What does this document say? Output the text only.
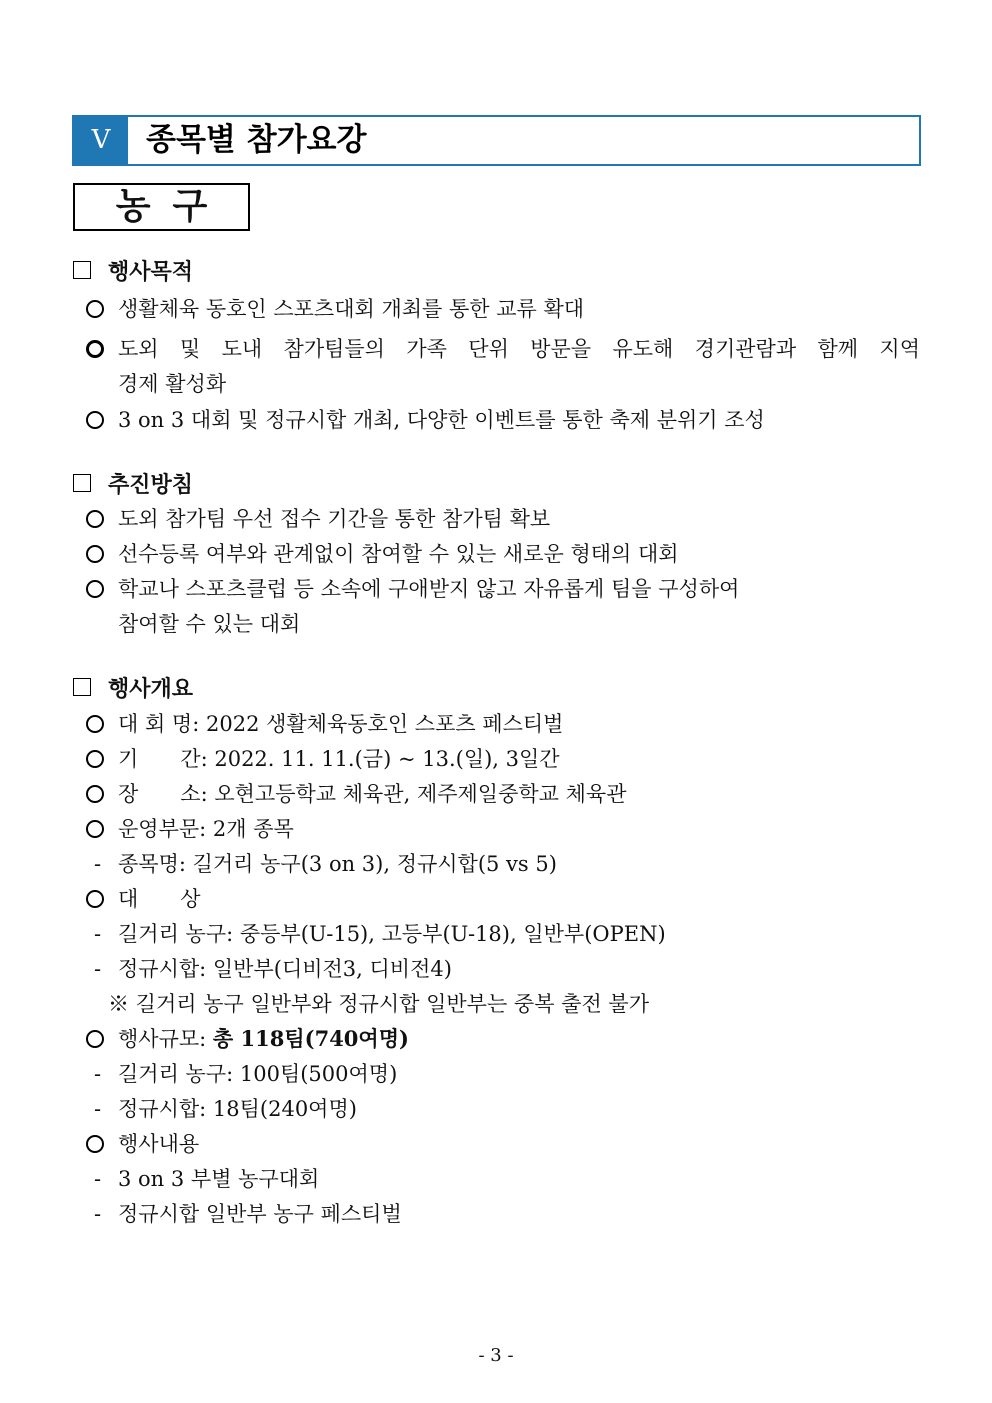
Ⅴ	종목별 참가요강
농구
행사목적
생활체육 동호인 스포츠대회 개최를 통한 교류 확대
도외 및 도내 참가팀들의 가족 단위 방문을 유도해 경기관람과 함께 지역
경제 활성화
3 on 3 대회 및 정규시합 개최, 다양한 이벤트를 통한 축제 분위기 조성
추진방침
도외 참가팀 우선 접수 기간을 통한 참가팀 확보
선수등록 여부와 관계없이 참여할 수 있는 새로운 형태의 대회
학교나 스포츠클럽 등 소속에 구애받지 않고 자유롭게 팀을 구성하여
참여할 수 있는 대회
행사개요
대 회 명: 2022 생활체육동호인 스포츠 페스티벌
기　　간: 2022. 11. 11.(금) ~ 13.(일), 3일간
장　　소: 오현고등학교 체육관, 제주제일중학교 체육관
운영부문: 2개 종목
- 종목명: 길거리 농구(3 on 3), 정규시합(5 vs 5)
대　　상
- 길거리 농구: 중등부(U-15), 고등부(U-18), 일반부(OPEN)
- 정규시합: 일반부(디비전3, 디비전4)
※ 길거리 농구 일반부와 정규시합 일반부는 중복 출전 불가
행사규모: 총 118팀(740여명)
- 길거리 농구: 100팀(500여명)
- 정규시합: 18팀(240여명)
행사내용
- 3 on 3 부별 농구대회
- 정규시합 일반부 농구 페스티벌
- 3 -
